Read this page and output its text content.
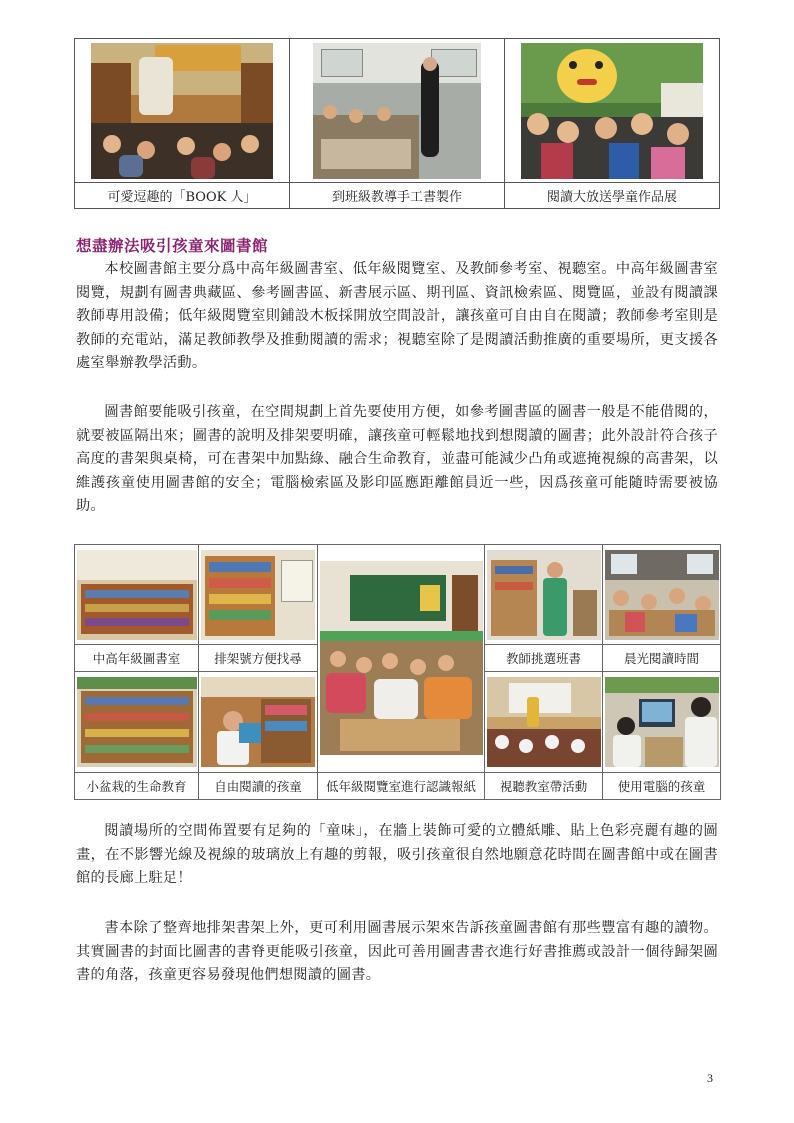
可愛逗趣的「BOOK 人」	到班級教導手工書製作	閱讀大放送學童作品展
想盡辦法吸引孩童來圖書館
本校圖書館主要分爲中高年級圖書室、低年級閱覽室、及教師參考室、視聽室。中高年級圖書室閱覽，規劃有圖書典藏區、參考圖書區、新書展示區、期刊區、資訊檢索區、閱覽區，並設有閱讀課教師專用設備；低年級閱覽室則鋪設木板採開放空間設計，讓孩童可自由自在閱讀；教師參考室則是教師的充電站，滿足教師教學及推動閱讀的需求；視聽室除了是閱讀活動推廣的重要場所，更支援各處室舉辦教學活動。
圖書館要能吸引孩童，在空間規劃上首先要使用方便，如參考圖書區的圖書一般是不能借閱的，就要被區隔出來；圖書的說明及排架要明確，讓孩童可輕鬆地找到想閱讀的圖書；此外設計符合孩子高度的書架與桌椅，可在書架中加點綠、融合生命教育，並盡可能減少凸角或遮掩視線的高書架，以維護孩童使用圖書館的安全；電腦檢索區及影印區應距離館員近一些，因爲孩童可能隨時需要被協助。

中高年級圖書室	排架號方便找尋		教師挑選班書	晨光閱讀時間

小盆栽的生命教育	自由閱讀的孩童	低年級閱覽室進行認識報紙	視聽教室帶活動	使用電腦的孩童
閱讀場所的空間佈置要有足夠的「童味」，在牆上裝飾可愛的立體紙雕、貼上色彩亮麗有趣的圖畫，在不影響光線及視線的玻璃放上有趣的剪報，吸引孩童很自然地願意花時間在圖書館中或在圖書館的長廊上駐足！
書本除了整齊地排架書架上外，更可利用圖書展示架來告訴孩童圖書館有那些豐富有趣的讀物。其實圖書的封面比圖書的書脊更能吸引孩童，因此可善用圖書書衣進行好書推薦或設計一個待歸架圖書的角落，孩童更容易發現他們想閱讀的圖書。
3
